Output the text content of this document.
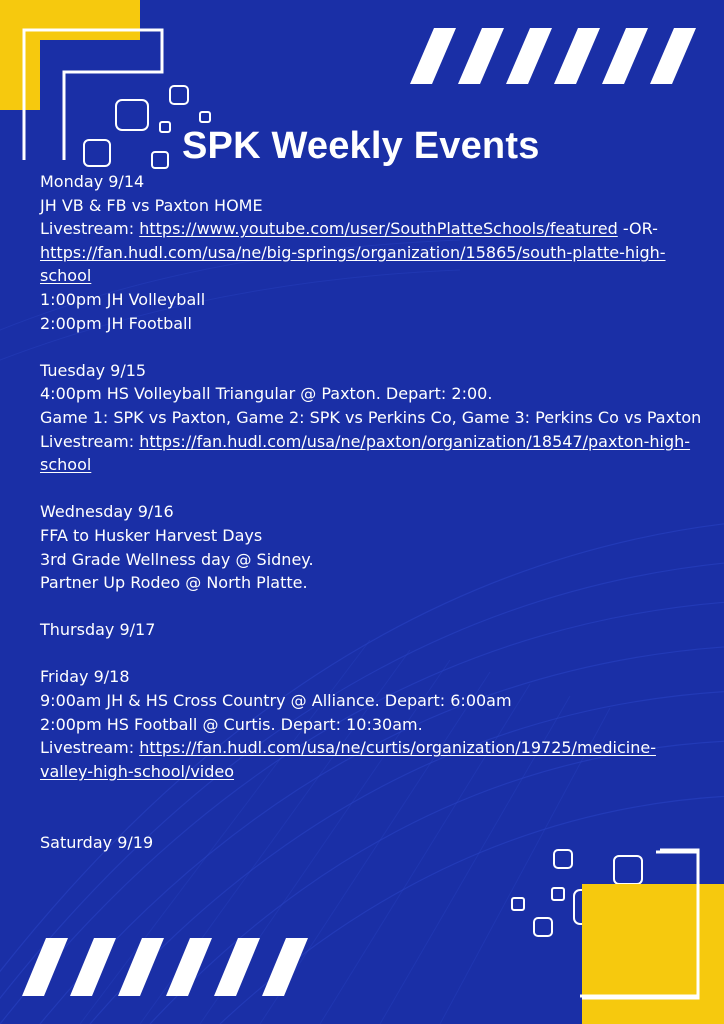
SPK Weekly Events

Monday 9/14

JH VB & FB vs Paxton HOME

Livestream: https://www.youtube.com/user/SouthPlatteSchools/featured -OR-

https://fan.hudl.com/usa/ne/big-springs/organization/15865/south-platte-high-

school

1:00pm JH Volleyball

2:00pm JH Football

Tuesday 9/15

4:00pm HS Volleyball Triangular @ Paxton. Depart: 2:00.

Game 1: SPK vs Paxton, Game 2: SPK vs Perkins Co, Game 3: Perkins Co vs Paxton

Livestream: https://fan.hudl.com/usa/ne/paxton/organization/18547/paxton-high-

school

Wednesday 9/16

FFA to Husker Harvest Days

3rd Grade Wellness day @ Sidney.

Partner Up Rodeo @ North Platte.

Thursday 9/17

Friday 9/18

9:00am JH & HS Cross Country @ Alliance. Depart: 6:00am

2:00pm HS Football @ Curtis. Depart: 10:30am.

Livestream: https://fan.hudl.com/usa/ne/curtis/organization/19725/medicine-

valley-high-school/video

Saturday 9/19
